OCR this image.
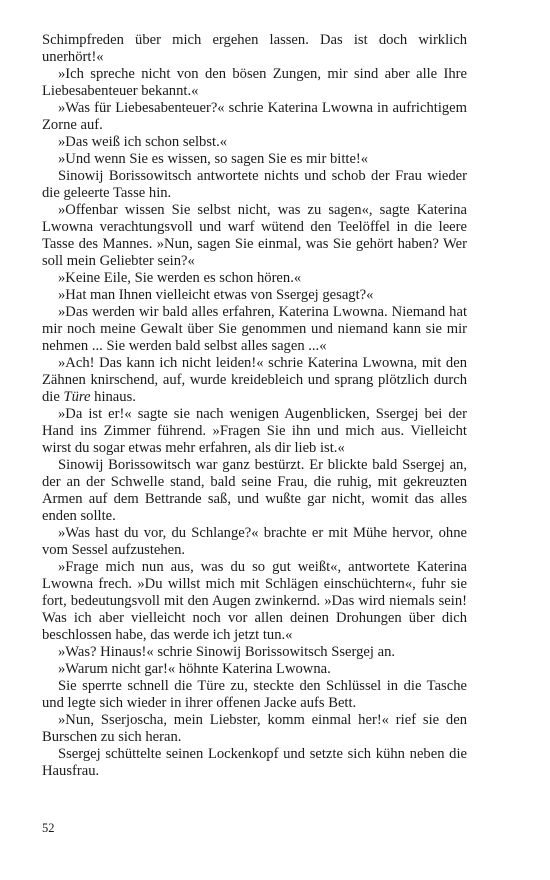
Schimpfreden über mich ergehen lassen. Das ist doch wirklich unerhört!«

»Ich spreche nicht von den bösen Zungen, mir sind aber alle Ihre Liebesabenteuer bekannt.«

»Was für Liebesabenteuer?« schrie Katerina Lwowna in aufrichtigem Zorne auf.

»Das weiß ich schon selbst.«

»Und wenn Sie es wissen, so sagen Sie es mir bitte!«

Sinowij Borissowitsch antwortete nichts und schob der Frau wieder die geleerte Tasse hin.

»Offenbar wissen Sie selbst nicht, was zu sagen«, sagte Katerina Lwowna verachtungsvoll und warf wütend den Teelöffel in die leere Tasse des Mannes. »Nun, sagen Sie einmal, was Sie gehört haben? Wer soll mein Geliebter sein?«

»Keine Eile, Sie werden es schon hören.«

»Hat man Ihnen vielleicht etwas von Ssergej gesagt?«

»Das werden wir bald alles erfahren, Katerina Lwowna. Niemand hat mir noch meine Gewalt über Sie genommen und niemand kann sie mir nehmen ... Sie werden bald selbst alles sagen ...«

»Ach! Das kann ich nicht leiden!« schrie Katerina Lwowna, mit den Zähnen knirschend, auf, wurde kreidebleich und sprang plötzlich durch die Türe hinaus.

»Da ist er!« sagte sie nach wenigen Augenblicken, Ssergej bei der Hand ins Zimmer führend. »Fragen Sie ihn und mich aus. Vielleicht wirst du sogar etwas mehr erfahren, als dir lieb ist.«

Sinowij Borissowitsch war ganz bestürzt. Er blickte bald Ssergej an, der an der Schwelle stand, bald seine Frau, die ruhig, mit gekreuzten Armen auf dem Bettrande saß, und wußte gar nicht, womit das alles enden sollte.

»Was hast du vor, du Schlange?« brachte er mit Mühe hervor, ohne vom Sessel aufzustehen.

»Frage mich nun aus, was du so gut weißt«, antwortete Katerina Lwowna frech. »Du willst mich mit Schlägen einschüchtern«, fuhr sie fort, bedeutungsvoll mit den Augen zwinkernd. »Das wird niemals sein! Was ich aber vielleicht noch vor allen deinen Drohungen über dich beschlossen habe, das werde ich jetzt tun.«

»Was? Hinaus!« schrie Sinowij Borissowitsch Ssergej an.

»Warum nicht gar!« höhnte Katerina Lwowna.

Sie sperrte schnell die Türe zu, steckte den Schlüssel in die Tasche und legte sich wieder in ihrer offenen Jacke aufs Bett.

»Nun, Sserjoscha, mein Liebster, komm einmal her!« rief sie den Burschen zu sich heran.

Ssergej schüttelte seinen Lockenkopf und setzte sich kühn neben die Hausfrau.

52
